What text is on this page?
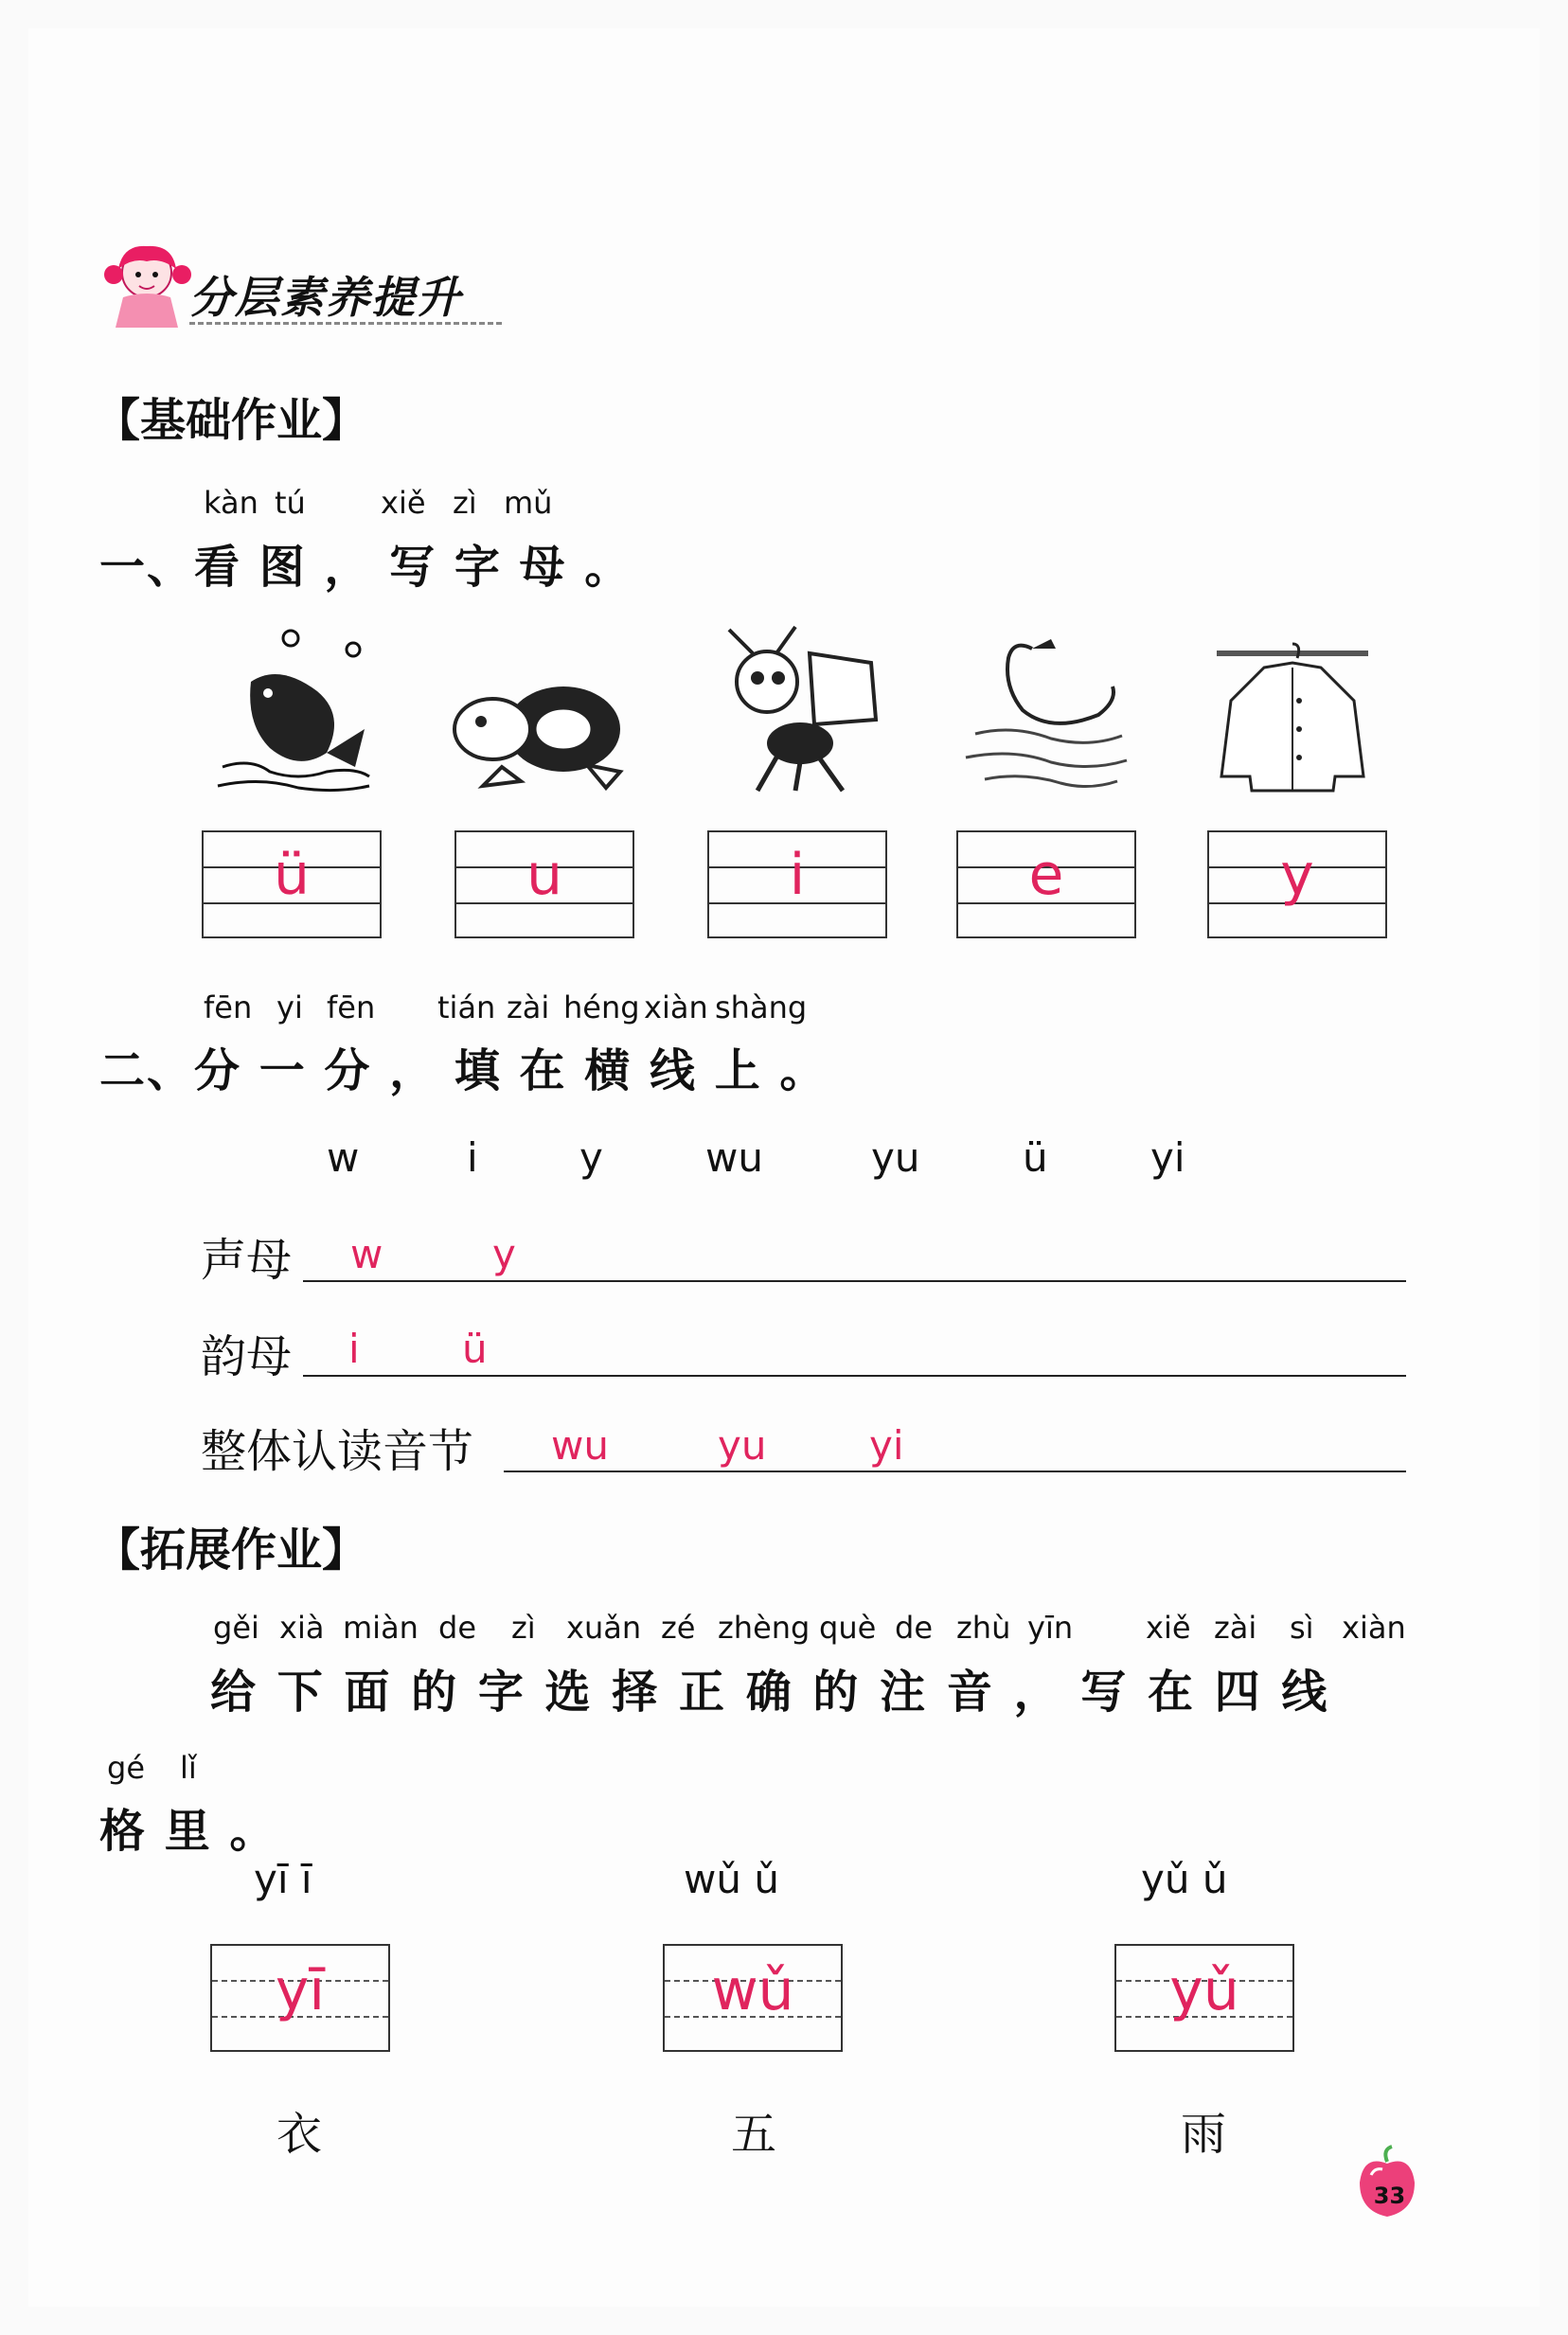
分层素养提升
【基础作业】
kàn tú xiě zì mǔ
一、看 图 ， 写 字 母 。
ü	u	i	e	y
fēn yi fēn tián zài héng xiàn shàng
二、分 一 分 ， 填 在 横 线 上 。
w	i	y	wu	yu	ü	yi
声母 w	y
韵母 i	ü
整体认读音节 wu	yu	yi
【拓展作业】
gěi xià miàn de zì xuǎn zé zhèng què de zhù yīn xiě zài sì xiàn
给 下 面 的 字 选 择 正 确 的 注 音 ， 写 在 四 线
gé lǐ
格 里 。
yī ī
yī
衣
wǔ ǔ
wǔ
五
yǔ ǔ
yǔ
雨
33
